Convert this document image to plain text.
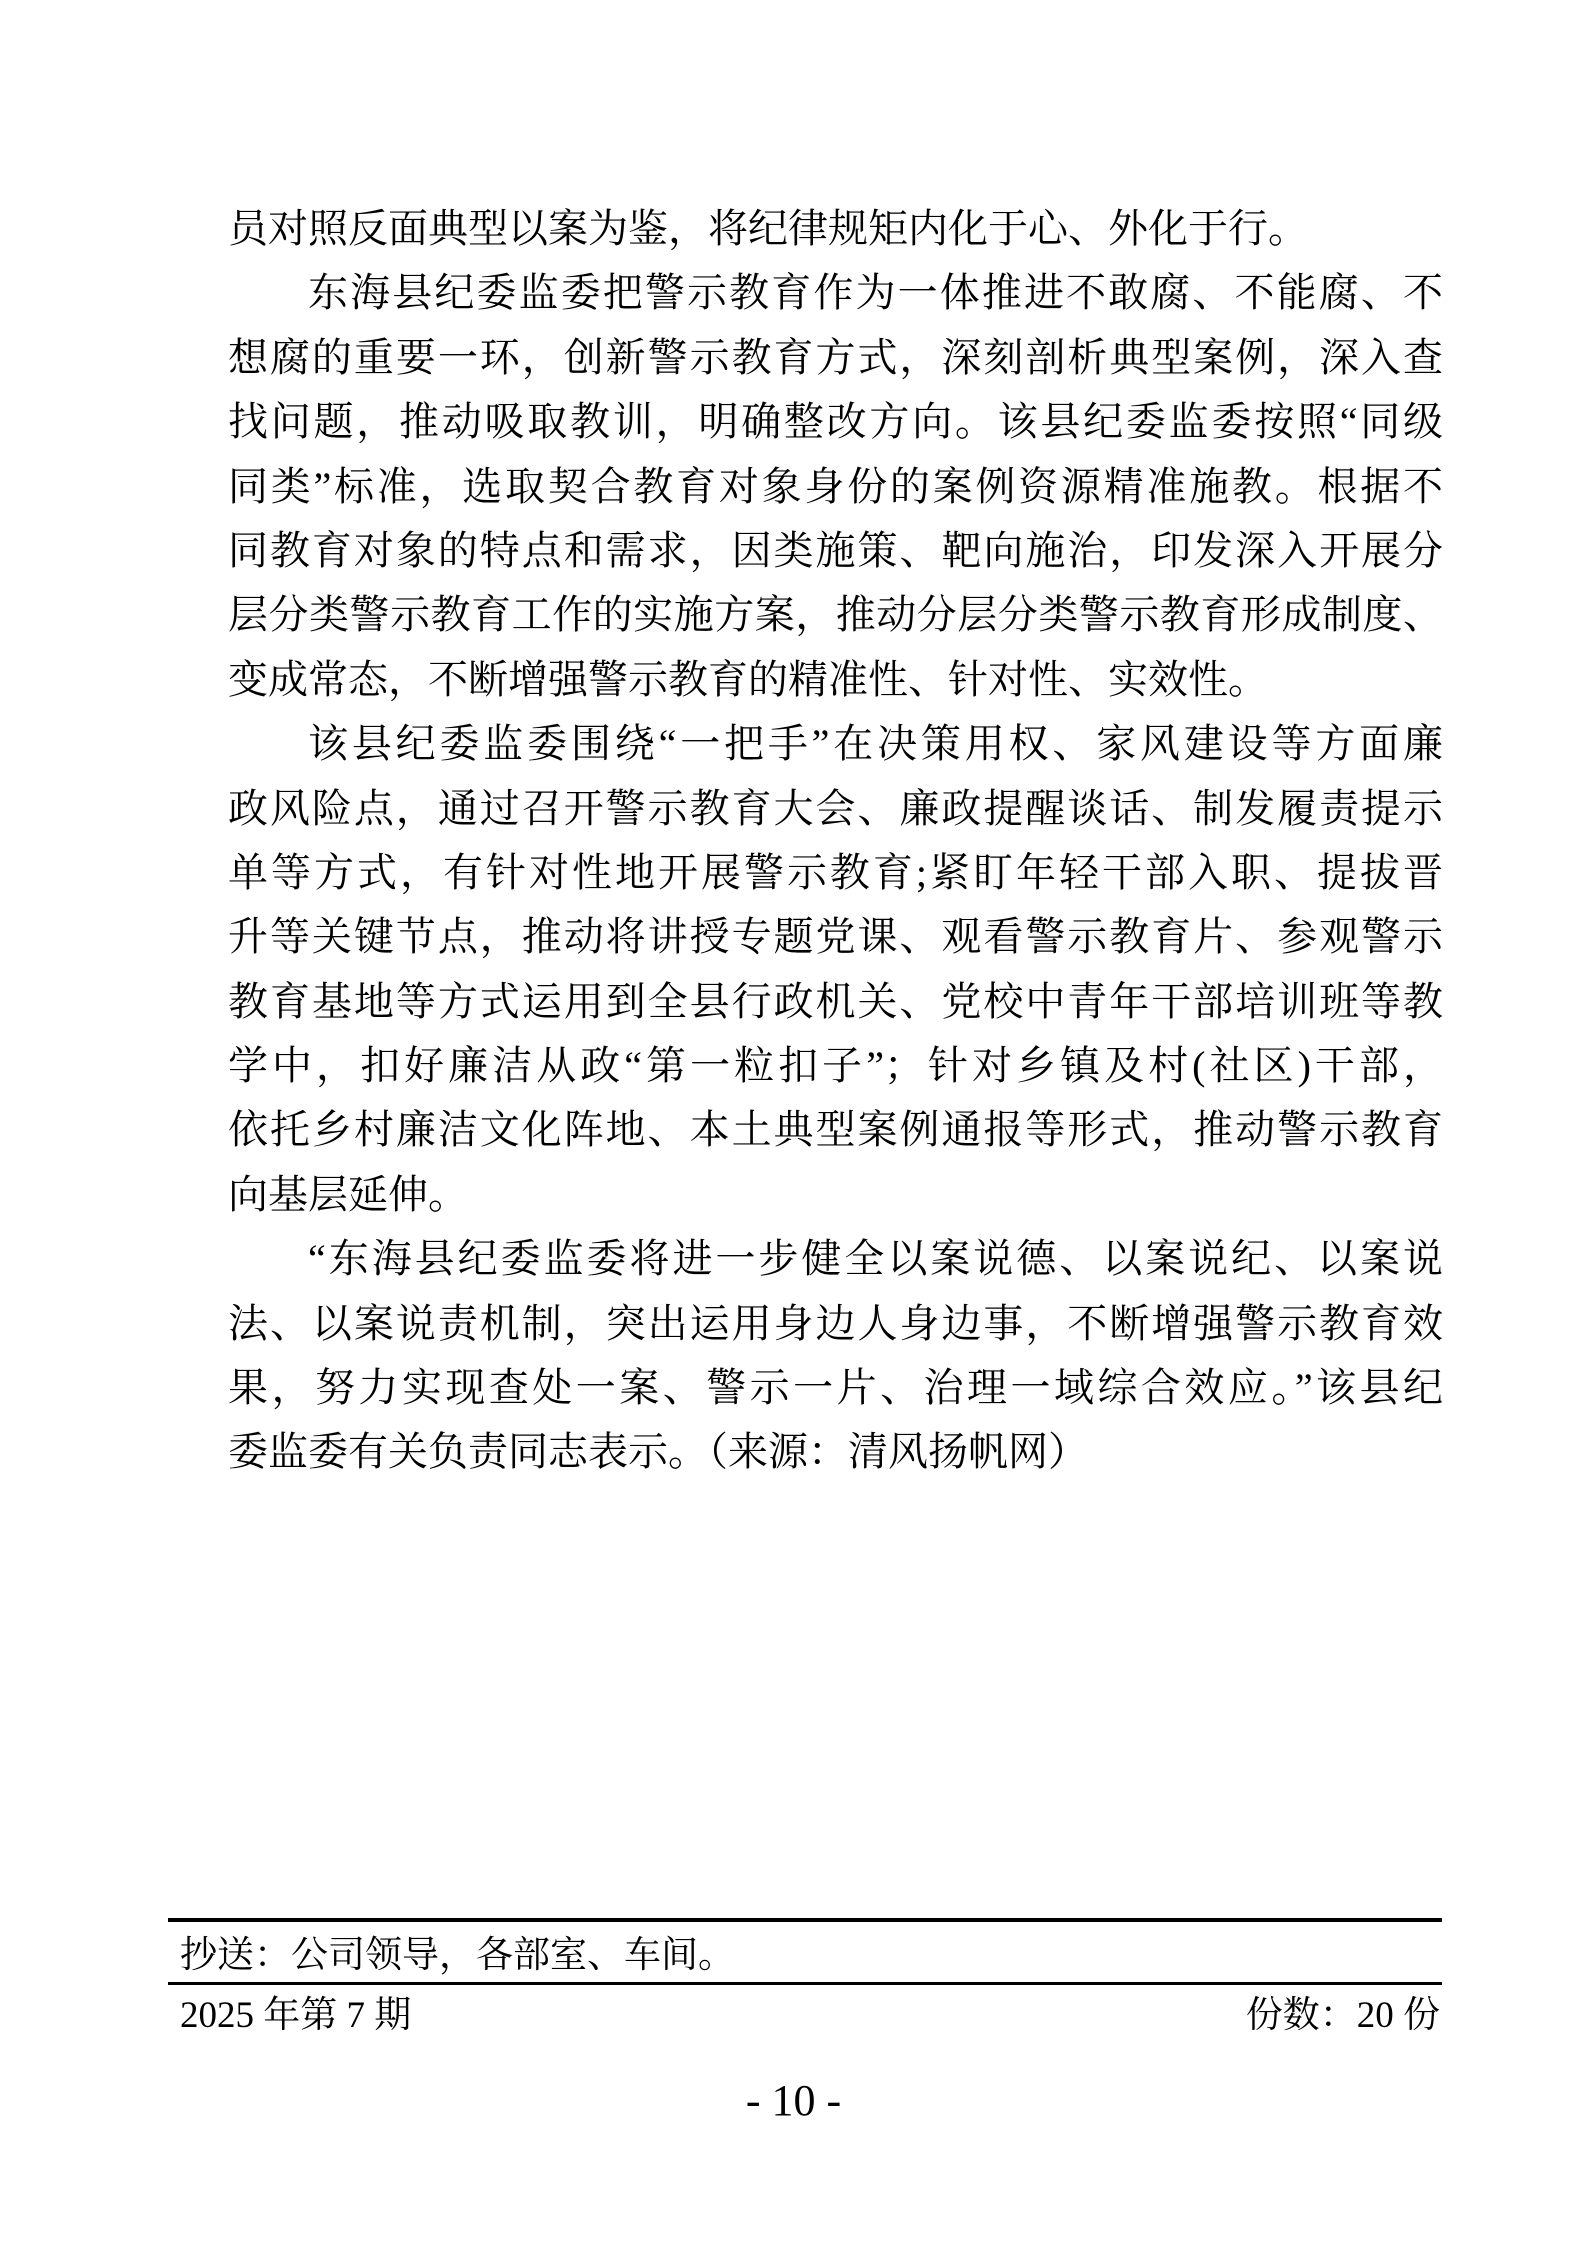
员对照反面典型以案为鉴，将纪律规矩内化于心、外化于行。
东海县纪委监委把警示教育作为一体推进不敢腐、不能腐、不
想腐的重要一环，创新警示教育方式，深刻剖析典型案例，深入查
找问题，推动吸取教训，明确整改方向。该县纪委监委按照“同级
同类”标准，选取契合教育对象身份的案例资源精准施教。根据不
同教育对象的特点和需求，因类施策、靶向施治，印发深入开展分
层分类警示教育工作的实施方案，推动分层分类警示教育形成制度、
变成常态，不断增强警示教育的精准性、针对性、实效性。
该县纪委监委围绕“一把手”在决策用权、家风建设等方面廉
政风险点，通过召开警示教育大会、廉政提醒谈话、制发履责提示
单等方式，有针对性地开展警示教育;紧盯年轻干部入职、提拔晋
升等关键节点，推动将讲授专题党课、观看警示教育片、参观警示
教育基地等方式运用到全县行政机关、党校中青年干部培训班等教
学中，扣好廉洁从政“第一粒扣子”；针对乡镇及村(社区)干部，
依托乡村廉洁文化阵地、本土典型案例通报等形式，推动警示教育
向基层延伸。
“东海县纪委监委将进一步健全以案说德、以案说纪、以案说
法、以案说责机制，突出运用身边人身边事，不断增强警示教育效
果，努力实现查处一案、警示一片、治理一域综合效应。”该县纪
委监委有关负责同志表示。（来源：清风扬帆网）
抄送：公司领导，各部室、车间。
2025 年第 7 期	份数：20 份
- 10 -
